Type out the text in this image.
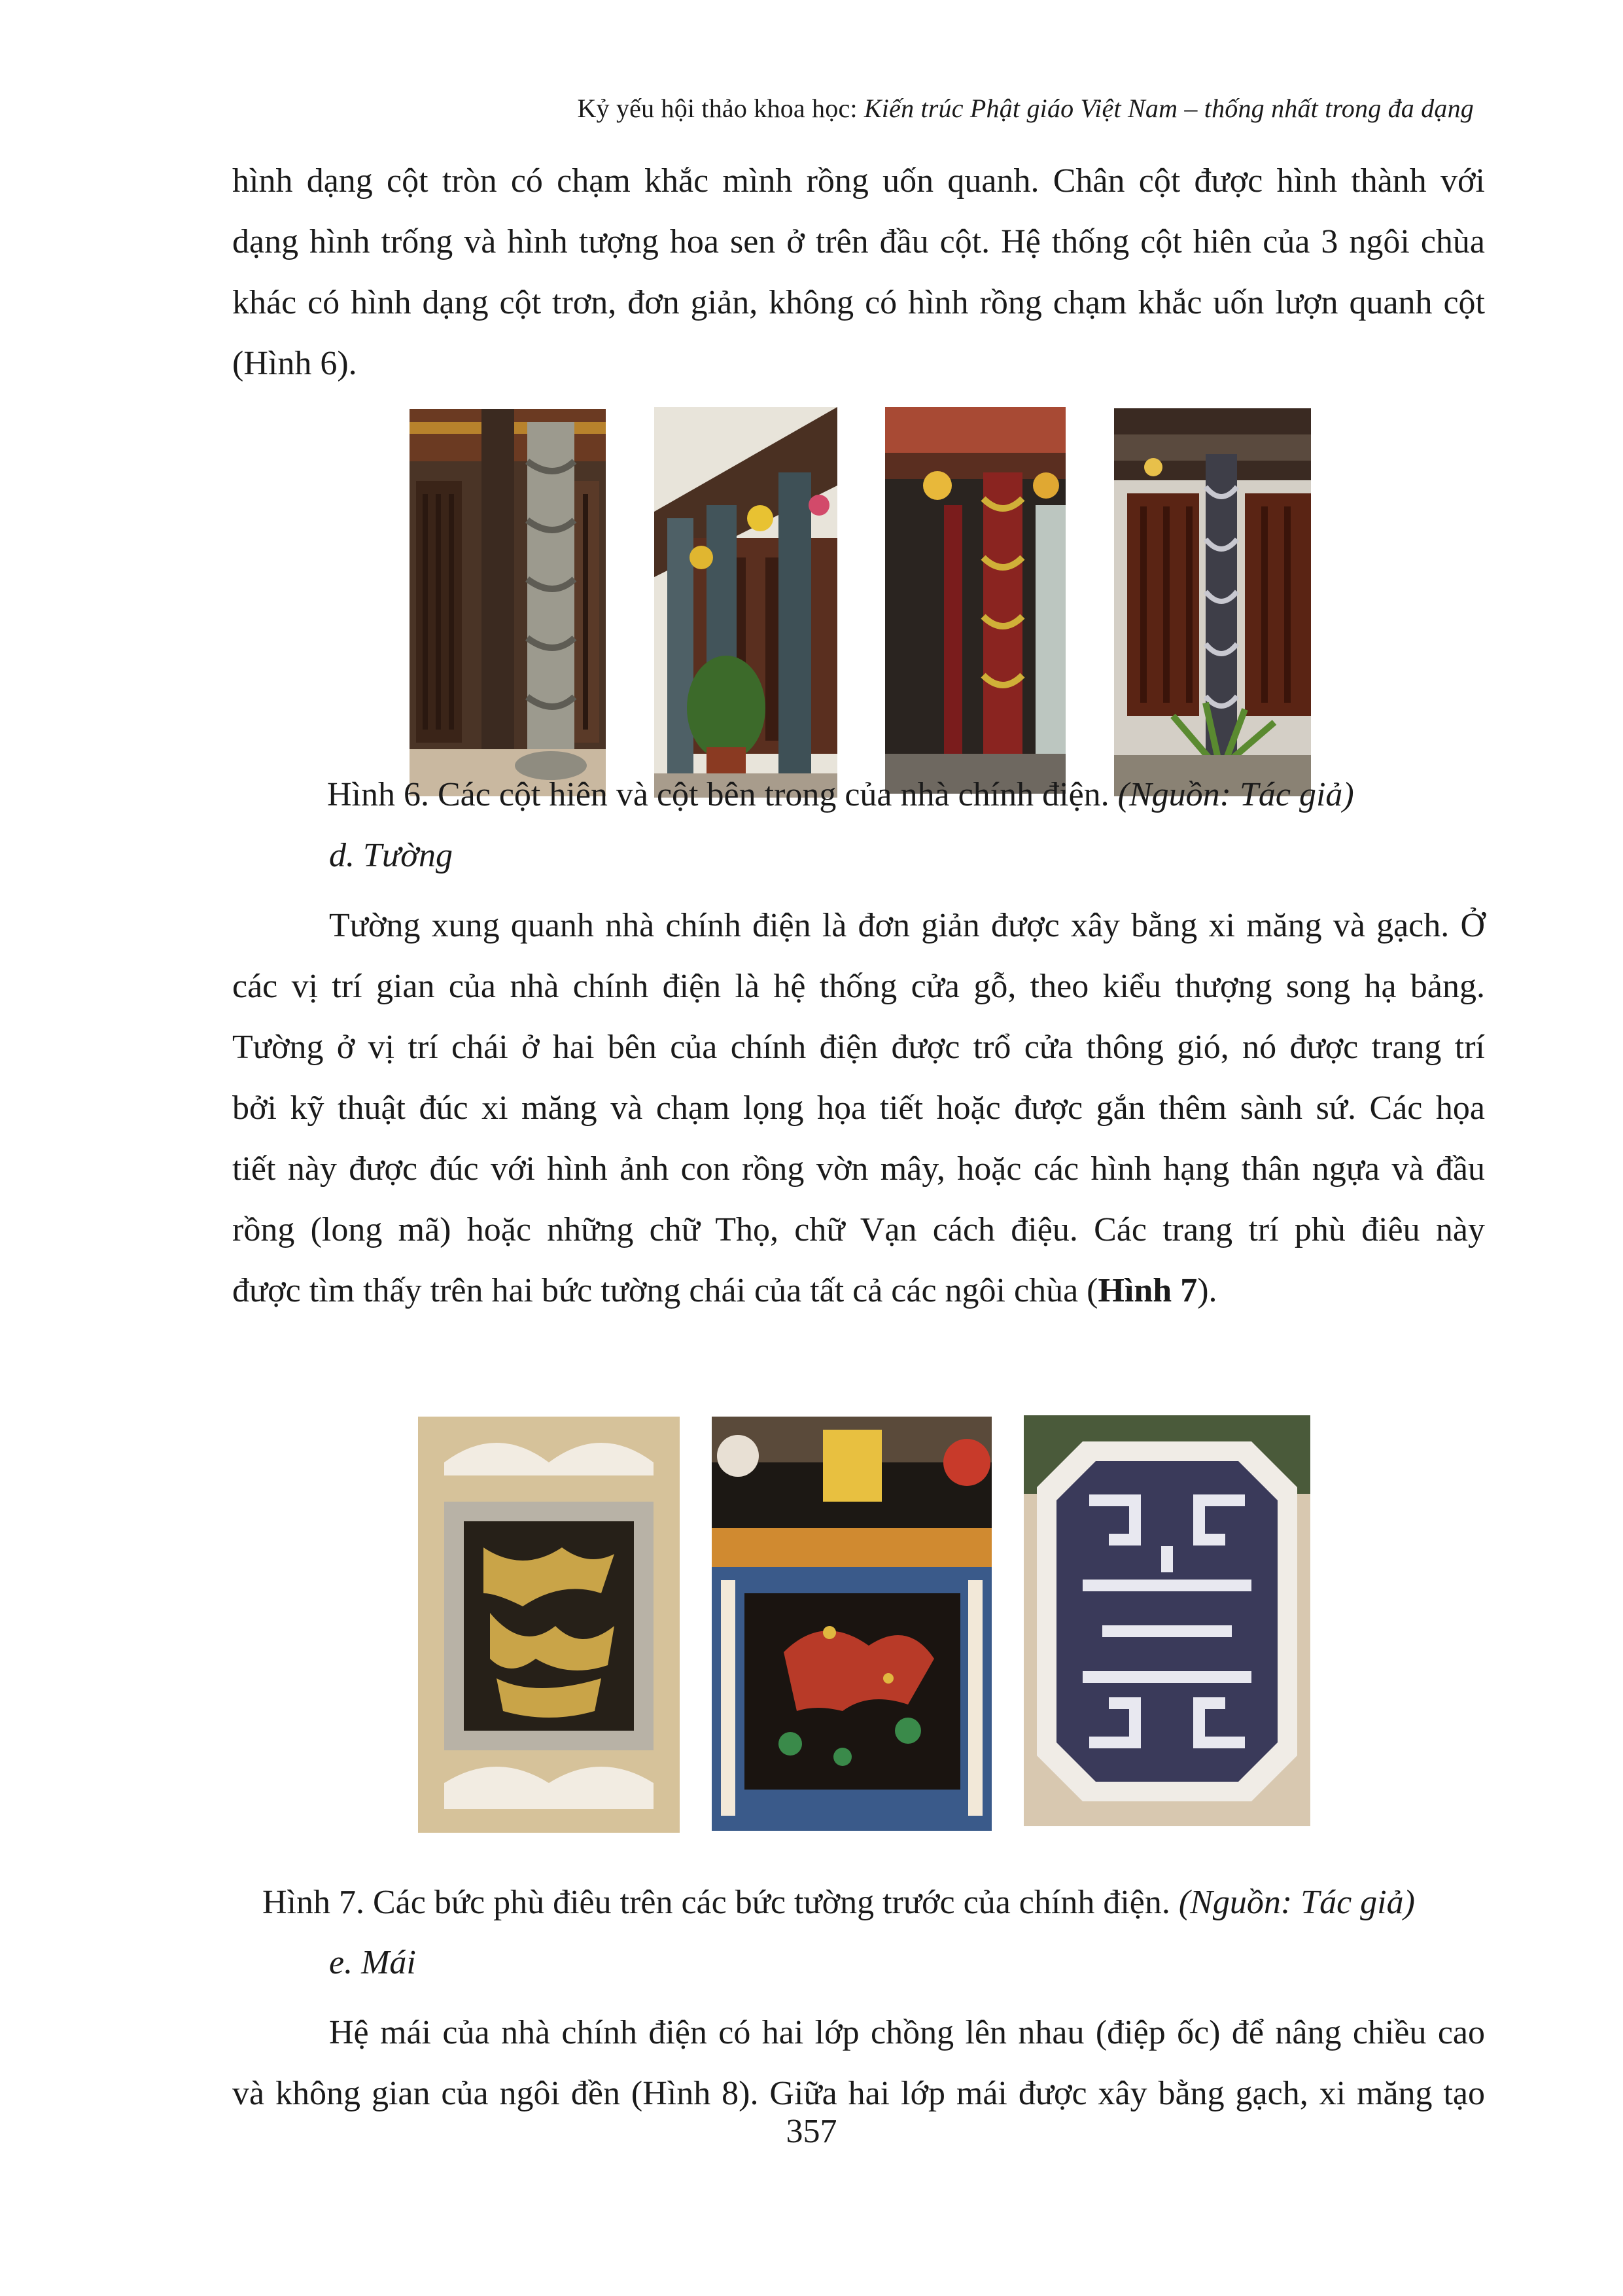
Kỷ yếu hội thảo khoa học: Kiến trúc Phật giáo Việt Nam – thống nhất trong đa dạng

hình dạng cột tròn có chạm khắc mình rồng uốn quanh. Chân cột được hình thành với

dạng hình trống và hình tượng hoa sen ở trên đầu cột. Hệ thống cột hiên của 3 ngôi chùa

khác có hình dạng cột trơn, đơn giản, không có hình rồng chạm khắc uốn lượn quanh cột

(Hình 6).

Hình 6. Các cột hiên và cột bên trong của nhà chính điện. (Nguồn: Tác giả)

d. Tường

Tường xung quanh nhà chính điện là đơn giản được xây bằng xi măng và gạch. Ở

các vị trí gian của nhà chính điện là hệ thống cửa gỗ, theo kiểu thượng song hạ bảng.

Tường ở vị trí chái ở hai bên của chính điện được trổ cửa thông gió, nó được trang trí

bởi kỹ thuật đúc xi măng và chạm lọng họa tiết hoặc được gắn thêm sành sứ. Các họa

tiết này được đúc với hình ảnh con rồng vờn mây, hoặc các hình hạng thân ngựa và đầu

rồng (long mã) hoặc những chữ Thọ, chữ Vạn cách điệu. Các trang trí phù điêu này

được tìm thấy trên hai bức tường chái của tất cả các ngôi chùa (Hình 7).

Hình 7. Các bức phù điêu trên các bức tường trước của chính điện. (Nguồn: Tác giả)

e. Mái

Hệ mái của nhà chính điện có hai lớp chồng lên nhau (điệp ốc) để nâng chiều cao

và không gian của ngôi đền (Hình 8). Giữa hai lớp mái được xây bằng gạch, xi măng tạo

357
